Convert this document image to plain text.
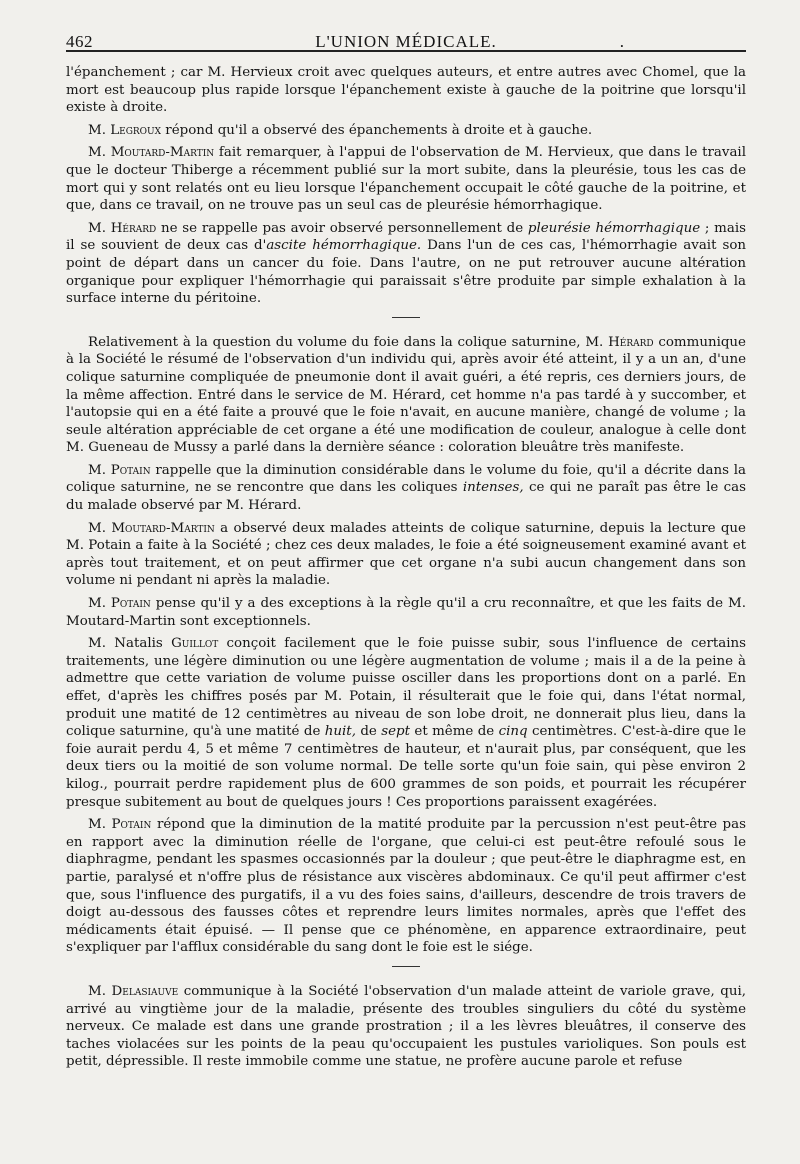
462	L'UNION MÉDICALE.	.

l'épanchement ; car M. Hervieux croit avec quelques auteurs, et entre autres avec Chomel, que la mort est beaucoup plus rapide lorsque l'épanchement existe à gauche de la poitrine que lorsqu'il existe à droite.

M. Legroux répond qu'il a observé des épanchements à droite et à gauche.

M. Moutard-Martin fait remarquer, à l'appui de l'observation de M. Hervieux, que dans le travail que le docteur Thiberge a récemment publié sur la mort subite, dans la pleurésie, tous les cas de mort qui y sont relatés ont eu lieu lorsque l'épanchement occupait le côté gauche de la poitrine, et que, dans ce travail, on ne trouve pas un seul cas de pleurésie hémorrhagique.

M. Hérard ne se rappelle pas avoir observé personnellement de pleurésie hémorrhagique ; mais il se souvient de deux cas d'ascite hémorrhagique. Dans l'un de ces cas, l'hémorrhagie avait son point de départ dans un cancer du foie. Dans l'autre, on ne put retrouver aucune altération organique pour expliquer l'hémorrhagie qui paraissait s'être produite par simple exhalation à la surface interne du péritoine.

Relativement à la question du volume du foie dans la colique saturnine, M. Hérard communique à la Société le résumé de l'observation d'un individu qui, après avoir été atteint, il y a un an, d'une colique saturnine compliquée de pneumonie dont il avait guéri, a été repris, ces derniers jours, de la même affection. Entré dans le service de M. Hérard, cet homme n'a pas tardé à y succomber, et l'autopsie qui en a été faite a prouvé que le foie n'avait, en aucune manière, changé de volume ; la seule altération appréciable de cet organe a été une modification de couleur, analogue à celle dont M. Gueneau de Mussy a parlé dans la dernière séance : coloration bleuâtre très manifeste.

M. Potain rappelle que la diminution considérable dans le volume du foie, qu'il a décrite dans la colique saturnine, ne se rencontre que dans les coliques intenses, ce qui ne paraît pas être le cas du malade observé par M. Hérard.

M. Moutard-Martin a observé deux malades atteints de colique saturnine, depuis la lecture que M. Potain a faite à la Société ; chez ces deux malades, le foie a été soigneusement examiné avant et après tout traitement, et on peut affirmer que cet organe n'a subi aucun changement dans son volume ni pendant ni après la maladie.

M. Potain pense qu'il y a des exceptions à la règle qu'il a cru reconnaître, et que les faits de M. Moutard-Martin sont exceptionnels.

M. Natalis Guillot conçoit facilement que le foie puisse subir, sous l'influence de certains traitements, une légère diminution ou une légère augmentation de volume ; mais il a de la peine à admettre que cette variation de volume puisse osciller dans les proportions dont on a parlé. En effet, d'après les chiffres posés par M. Potain, il résulterait que le foie qui, dans l'état normal, produit une matité de 12 centimètres au niveau de son lobe droit, ne donnerait plus lieu, dans la colique saturnine, qu'à une matité de huit, de sept et même de cinq centimètres. C'est-à-dire que le foie aurait perdu 4, 5 et même 7 centimètres de hauteur, et n'aurait plus, par conséquent, que les deux tiers ou la moitié de son volume normal. De telle sorte qu'un foie sain, qui pèse environ 2 kilog., pourrait perdre rapidement plus de 600 grammes de son poids, et pourrait les récupérer presque subitement au bout de quelques jours ! Ces proportions paraissent exagérées.

M. Potain répond que la diminution de la matité produite par la percussion n'est peut-être pas en rapport avec la diminution réelle de l'organe, que celui-ci est peut-être refoulé sous le diaphragme, pendant les spasmes occasionnés par la douleur ; que peut-être le diaphragme est, en partie, paralysé et n'offre plus de résistance aux viscères abdominaux. Ce qu'il peut affirmer c'est que, sous l'influence des purgatifs, il a vu des foies sains, d'ailleurs, descendre de trois travers de doigt au-dessous des fausses côtes et reprendre leurs limites normales, après que l'effet des médicaments était épuisé. — Il pense que ce phénomène, en apparence extraordinaire, peut s'expliquer par l'afflux considérable du sang dont le foie est le siége.

M. Delasiauve communique à la Société l'observation d'un malade atteint de variole grave, qui, arrivé au vingtième jour de la maladie, présente des troubles singuliers du côté du système nerveux. Ce malade est dans une grande prostration ; il a les lèvres bleuâtres, il conserve des taches violacées sur les points de la peau qu'occupaient les pustules varioliques. Son pouls est petit, dépressible. Il reste immobile comme une statue, ne profère aucune parole et refuse
